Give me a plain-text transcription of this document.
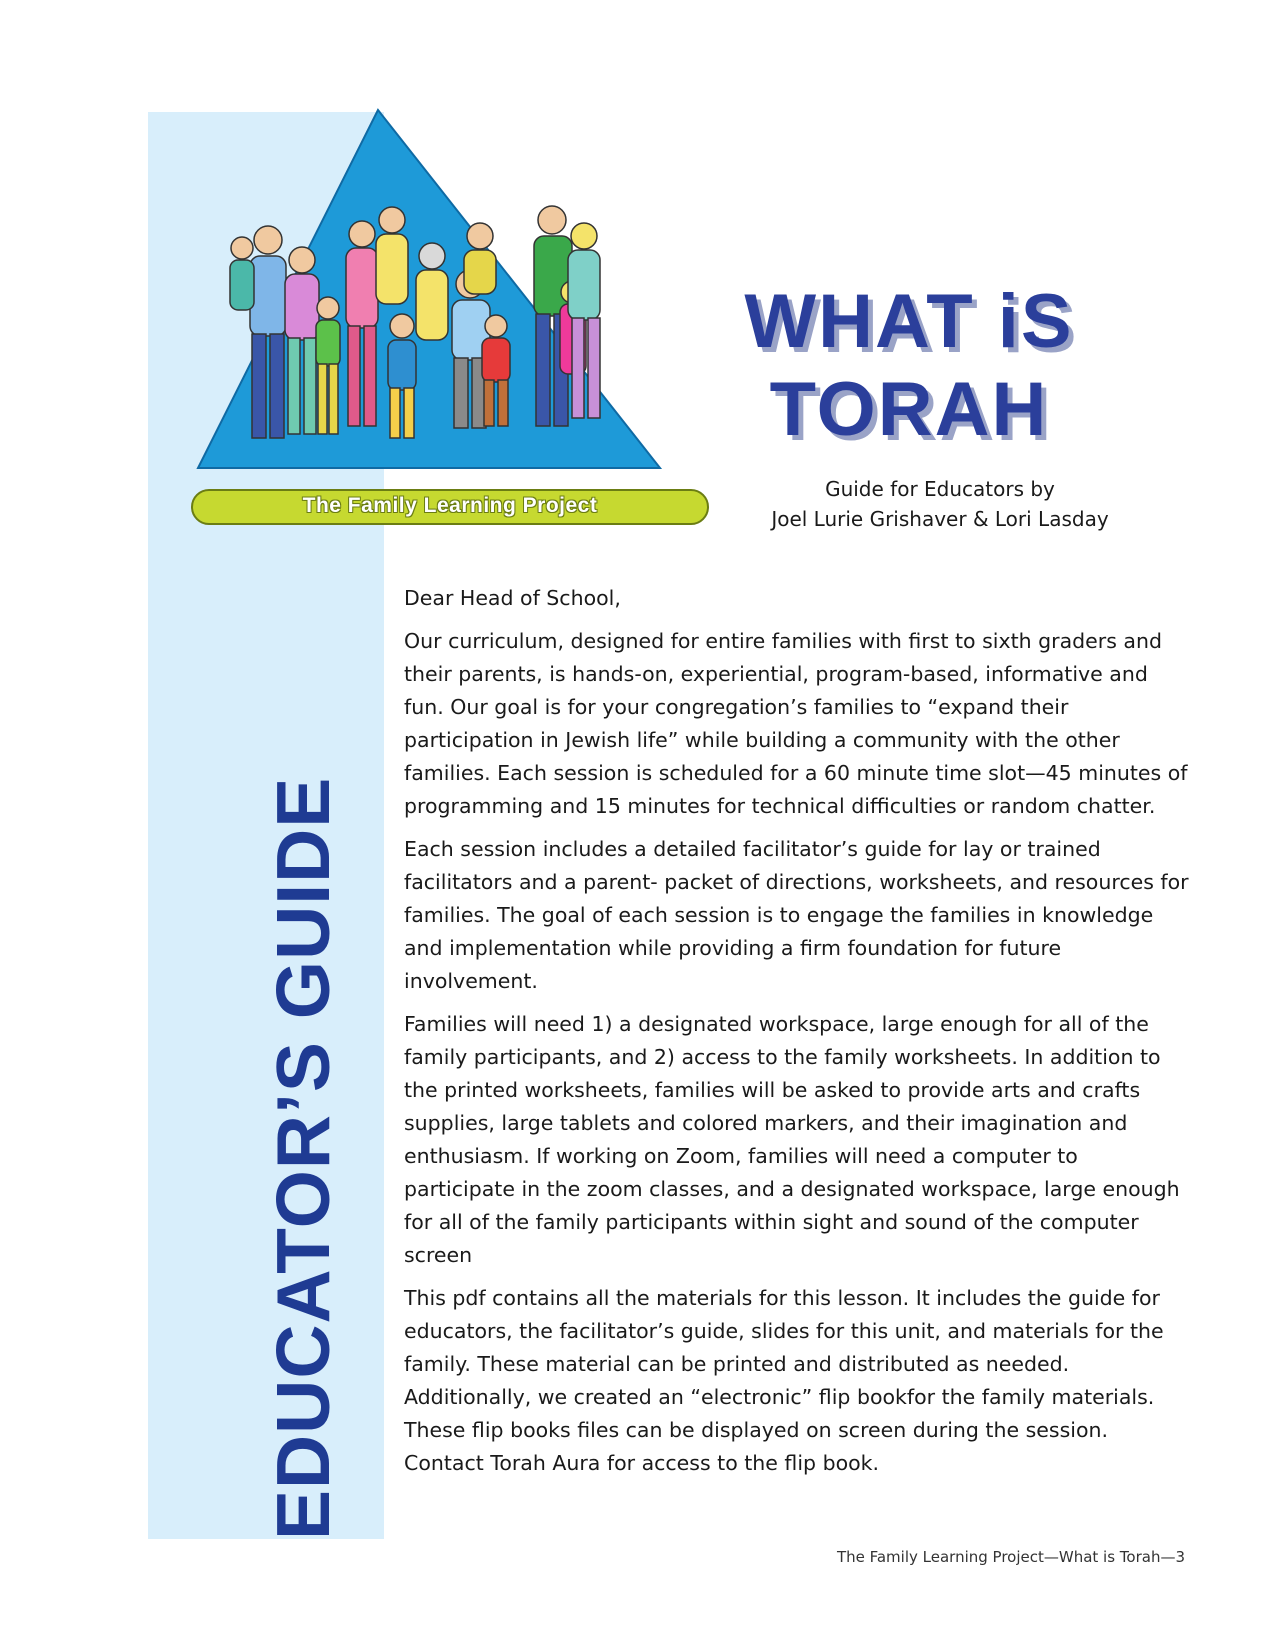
EDUCATOR’S GUIDE
The Family Learning Project
WHAT iS
TORAH
Guide for Educators by
Joel Lurie Grishaver & Lori Lasday

Dear Head of School,

Our curriculum, designed for entire families with first to sixth graders and their parents, is hands-on, experiential, program-based, informative and fun. Our goal is for your congregation’s families to “expand their participation in Jewish life” while building a community with the other families. Each session is scheduled for a 60 minute time slot—45 minutes of programming and 15 minutes for technical difficulties or random chatter.

Each session includes a detailed facilitator’s guide for lay or trained facilitators and a parent- packet of directions, worksheets, and resources for families. The goal of each session is to engage the families in knowledge and implementation while providing a firm foundation for future involvement.

Families will need 1) a designated workspace, large enough for all of the family participants, and 2) access to the family worksheets. In addition to the printed worksheets, families will be asked to provide arts and crafts supplies, large tablets and colored markers, and their imagination and enthusiasm. If working on Zoom, families will need a computer to participate in the zoom classes, and a designated workspace, large enough for all of the family participants within sight and sound of the computer screen

This pdf contains all the materials for this lesson. It includes the guide for educators, the facilitator’s guide, slides for this unit, and materials for the family. These material can be printed and distributed as needed. Additionally, we created an “electronic” flip bookfor the family materials. These flip books files can be displayed on screen during the session. Contact Torah Aura for access to the flip book.

The Family Learning Project—What is Torah—3
